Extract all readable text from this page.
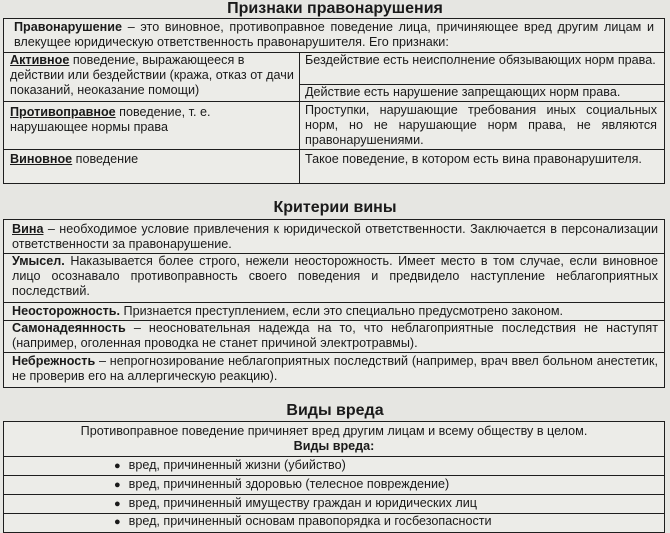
Признаки правонарушения
Правонарушение – это виновное, противоправное поведение лица, причиняющее вред другим лицам и влекущее юридическую ответственность правонарушителя. Его признаки:
Активное поведение, выражающееся в действии или бездействии (кража, отказ от дачи показаний, неоказание помощи)
Бездействие есть неисполнение обязывающих норм права.
Действие есть нарушение запрещающих норм права.
Противоправное поведение, т. е. нарушающее нормы права
Проступки, нарушающие требования иных социальных норм, но не нарушающие норм права, не являются правонарушениями.
Виновное поведение	Такое поведение, в котором есть вина правонарушителя.
Критерии вины
Вина – необходимое условие привлечения к юридической ответственности. Заключается в персонализации ответственности за правонарушение.
Умысел. Наказывается более строго, нежели неосторожность. Имеет место в том случае, если виновное лицо осознавало противоправность своего поведения и предвидело наступление неблагоприятных последствий.
Неосторожность. Признается преступлением, если это специально предусмотрено законом.
Самонадеянность – неосновательная надежда на то, что неблагоприятные последствия не наступят (например, оголенная проводка не станет причиной электротравмы).
Небрежность – непрогнозирование неблагоприятных последствий (например, врач ввел больном анестетик, не проверив его на аллергическую реакцию).
Виды вреда
Противоправное поведение причиняет вред другим лицам и всему обществу в целом.
Виды вреда:
● вред, причиненный жизни (убийство)
● вред, причиненный здоровью (телесное повреждение)
● вред, причиненный имуществу граждан и юридических лиц
● вред, причиненный основам правопорядка и госбезопасности
